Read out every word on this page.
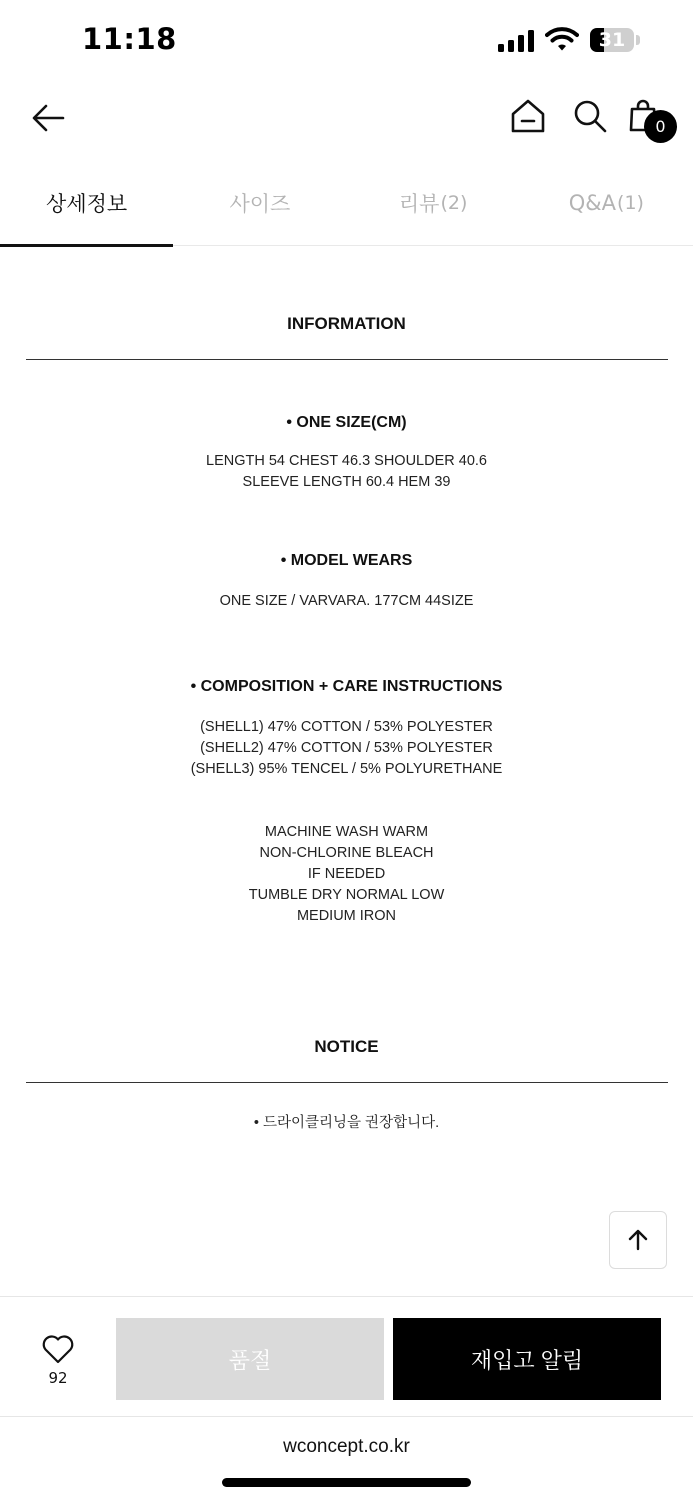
11:18	31
0
상세정보	사이즈	리뷰 (2)	Q&A (1)
INFORMATION
• ONE SIZE(CM)
LENGTH 54 CHEST 46.3 SHOULDER 40.6
SLEEVE LENGTH 60.4 HEM 39
• MODEL WEARS
ONE SIZE / VARVARA. 177CM 44SIZE
• COMPOSITION + CARE INSTRUCTIONS
(SHELL1) 47% COTTON / 53% POLYESTER
(SHELL2) 47% COTTON / 53% POLYESTER
(SHELL3) 95% TENCEL / 5% POLYURETHANE
MACHINE WASH WARM
NON-CHLORINE BLEACH
IF NEEDED
TUMBLE DRY NORMAL LOW
MEDIUM IRON
NOTICE
• 드라이클리닝을 권장합니다.
92
품절	재입고 알림
wconcept.co.kr
